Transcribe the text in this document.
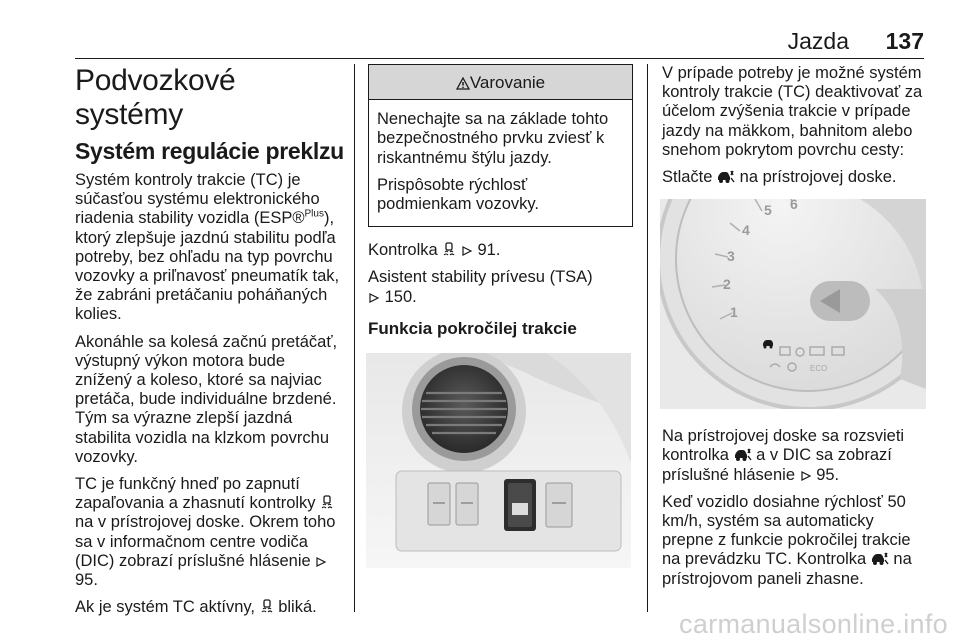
Jazda 137
Podvozkové systémy
Systém regulácie preklzu

Systém kontroly trakcie (TC) je súčasťou systému elektronického riadenia stability vozidla (ESP®$^{Plus}$), ktorý zlepšuje jazdnú stabilitu podľa potreby, bez ohľadu na typ povrchu vozovky a priľnavosť pneumatík tak, že zabráni pretáčaniu poháňaných kolies.

Akonáhle sa kolesá začnú pretáčať, výstupný výkon motora bude znížený a koleso, ktoré sa najviac pretáča, bude individuálne brzdené. Tým sa výrazne zlepší jazdná stabilita vozidla na klzkom povrchu vozovky.

TC je funkčný hneď po zapnutí zapaľovania a zhasnutí kontrolky  na v prístrojovej doske. Okrem toho sa v informačnom centre vodiča (DIC) zobrazí príslušné hlásenie  95.

Ak je systém TC aktívny, bliká.

Varovanie

Nenechajte sa na základe tohto bezpečnostného prvku zviesť k riskantnému štýlu jazdy.

Prispôsobte rýchlosť podmienkam vozovky.

Kontrolka 91.

Asistent stability prívesu (TSA)
150.

Funkcia pokročilej trakcie

V prípade potreby je možné systém kontroly trakcie (TC) deaktivovať za účelom zvýšenia trakcie v prípade jazdy na mäkkom, bahnitom alebo snehom pokrytom povrchu cesty:

Stlačte na prístrojovej doske.

1
2
3
4
5 6
ECO

Na prístrojovej doske sa rozsvieti kontrolka a v DIC sa zobrazí príslušné hlásenie 95.

Keď vozidlo dosiahne rýchlosť 50 km/h, systém sa automaticky prepne z funkcie pokročilej trakcie na prevádzku TC. Kontrolka na prístrojovom paneli zhasne.

carmanualsonline.info
